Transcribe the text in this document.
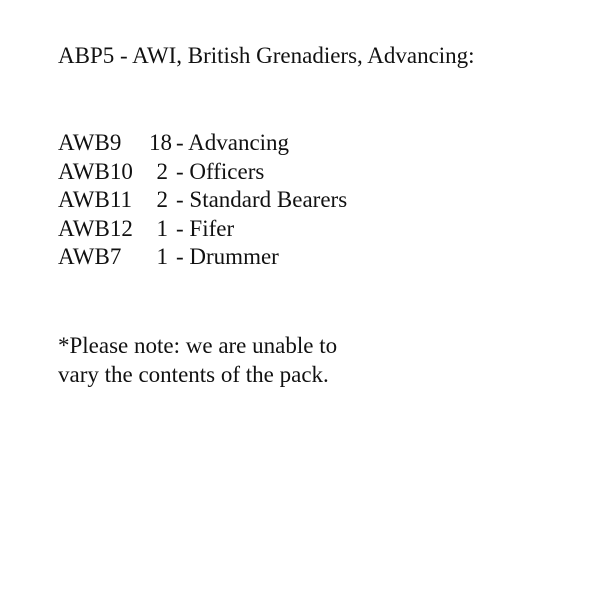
ABP5 - AWI, British Grenadiers, Advancing:
AWB9	18 - Advancing
AWB10	2 - Officers
AWB11	2 - Standard Bearers
AWB12	1 - Fifer
AWB7	1 - Drummer
*Please note: we are unable to
vary the contents of the pack.
